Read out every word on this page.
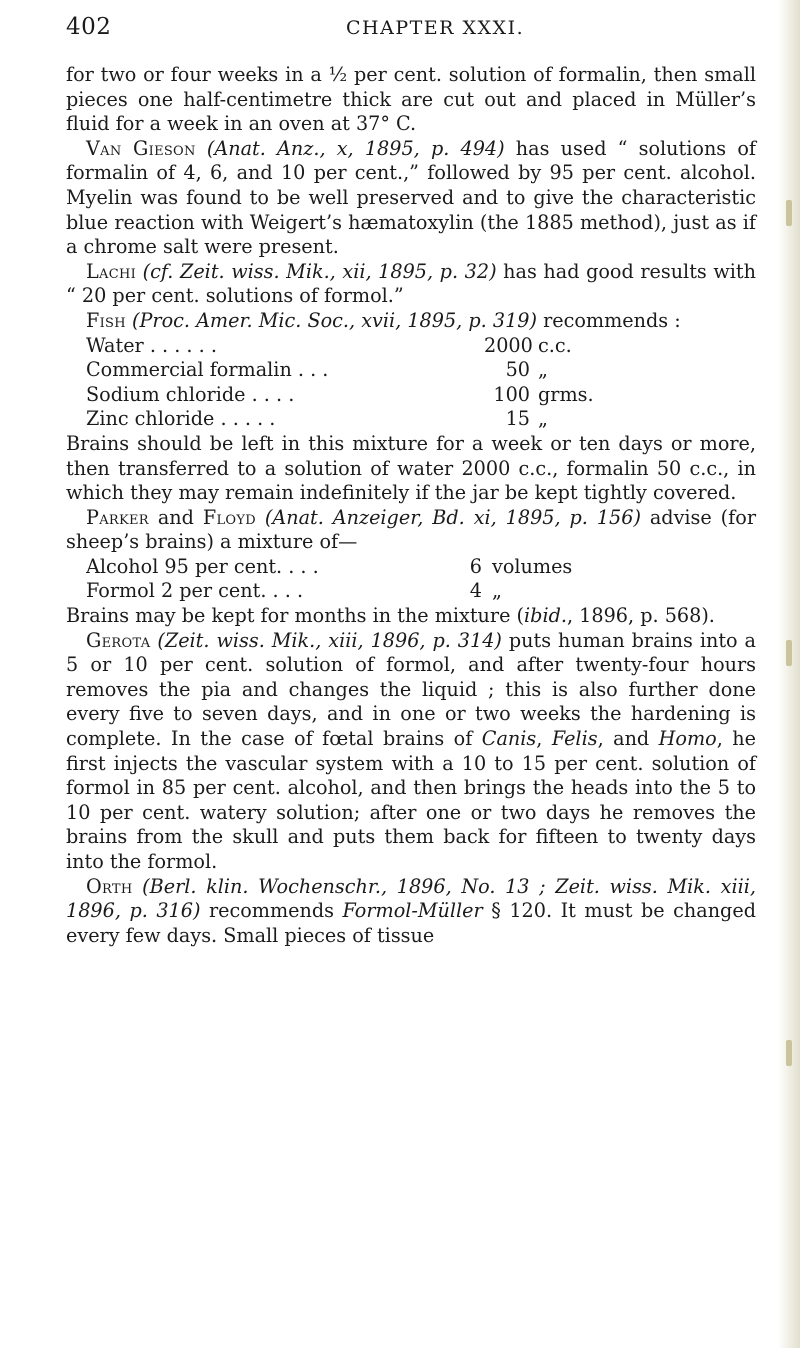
402	CHAPTER XXXI.

for two or four weeks in a ½ per cent. solution of formalin, then small pieces one half-centimetre thick are cut out and placed in Müller’s fluid for a week in an oven at 37° C.

Van Gieson (Anat. Anz., x, 1895, p. 494) has used “ solutions of formalin of 4, 6, and 10 per cent.,” followed by 95 per cent. alcohol. Myelin was found to be well preserved and to give the characteristic blue reaction with Weigert’s hæmatoxylin (the 1885 method), just as if a chrome salt were present.

Lachi (cf. Zeit. wiss. Mik., xii, 1895, p. 32) has had good results with “ 20 per cent. solutions of formol.”

Fish (Proc. Amer. Mic. Soc., xvii, 1895, p. 319) recommends :

Water . . . . . .	2000 c.c.
Commercial formalin . . .	50 „
Sodium chloride . . . .	100 grms.
Zinc chloride . . . . .	15 „

Brains should be left in this mixture for a week or ten days or more, then transferred to a solution of water 2000 c.c., formalin 50 c.c., in which they may remain indefinitely if the jar be kept tightly covered.

Parker and Floyd (Anat. Anzeiger, Bd. xi, 1895, p. 156) advise (for sheep’s brains) a mixture of—

Alcohol 95 per cent. . . .	6 volumes
Formol 2 per cent. . . .	4 „

Brains may be kept for months in the mixture (ibid., 1896, p. 568).

Gerota (Zeit. wiss. Mik., xiii, 1896, p. 314) puts human brains into a 5 or 10 per cent. solution of formol, and after twenty-four hours removes the pia and changes the liquid ; this is also further done every five to seven days, and in one or two weeks the hardening is complete. In the case of fœtal brains of Canis, Felis, and Homo, he first injects the vascular system with a 10 to 15 per cent. solution of formol in 85 per cent. alcohol, and then brings the heads into the 5 to 10 per cent. watery solution; after one or two days he removes the brains from the skull and puts them back for fifteen to twenty days into the formol.

Orth (Berl. klin. Wochenschr., 1896, No. 13 ; Zeit. wiss. Mik. xiii, 1896, p. 316) recommends Formol-Müller § 120. It must be changed every few days. Small pieces of tissue
